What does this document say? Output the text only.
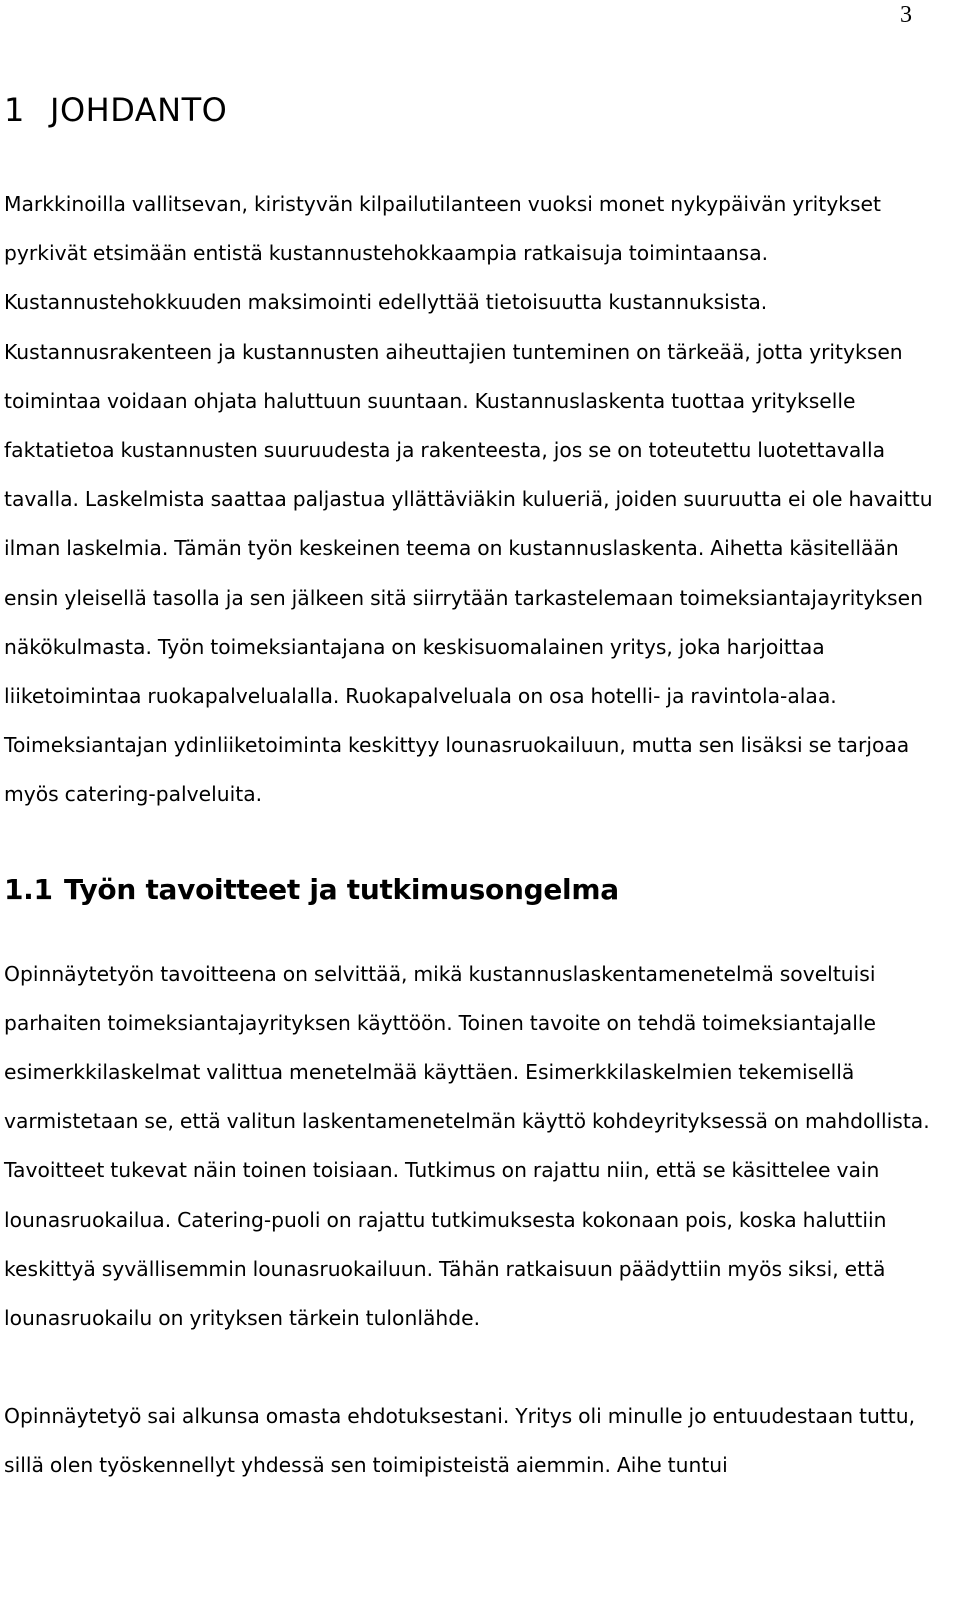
3
1 JOHDANTO

Markkinoilla vallitsevan, kiristyvän kilpailutilanteen vuoksi monet nykypäivän yritykset pyrkivät etsimään entistä kustannustehokkaampia ratkaisuja toimintaansa. Kustannustehokkuuden maksimointi edellyttää tietoisuutta kustannuksista. Kustannusrakenteen ja kustannusten aiheuttajien tunteminen on tärkeää, jotta yrityksen toimintaa voidaan ohjata haluttuun suuntaan. Kustannuslaskenta tuottaa yritykselle faktatietoa kustannusten suuruudesta ja rakenteesta, jos se on toteutettu luotettavalla tavalla. Laskelmista saattaa paljastua yllättäviäkin kulueriä, joiden suuruutta ei ole havaittu ilman laskelmia. Tämän työn keskeinen teema on kustannuslaskenta. Aihetta käsitellään ensin yleisellä tasolla ja sen jälkeen sitä siirrytään tarkastelemaan toimeksiantajayrityksen näkökulmasta. Työn toimeksiantajana on keskisuomalainen yritys, joka harjoittaa liiketoimintaa ruokapalvelualalla. Ruokapalveluala on osa hotelli- ja ravintola-alaa. Toimeksiantajan ydinliiketoiminta keskittyy lounasruokailuun, mutta sen lisäksi se tarjoaa myös catering-palveluita.

1.1 Työn tavoitteet ja tutkimusongelma

Opinnäytetyön tavoitteena on selvittää, mikä kustannuslaskentamenetelmä soveltuisi parhaiten toimeksiantajayrityksen käyttöön. Toinen tavoite on tehdä toimeksiantajalle esimerkkilaskelmat valittua menetelmää käyttäen. Esimerkkilaskelmien tekemisellä varmistetaan se, että valitun laskentamenetelmän käyttö kohdeyrityksessä on mahdollista. Tavoitteet tukevat näin toinen toisiaan. Tutkimus on rajattu niin, että se käsittelee vain lounasruokailua. Catering-puoli on rajattu tutkimuksesta kokonaan pois, koska haluttiin keskittyä syvällisemmin lounasruokailuun. Tähän ratkaisuun päädyttiin myös siksi, että lounasruokailu on yrityksen tärkein tulonlähde.

Opinnäytetyö sai alkunsa omasta ehdotuksestani. Yritys oli minulle jo entuudestaan tuttu, sillä olen työskennellyt yhdessä sen toimipisteistä aiemmin. Aihe tuntui
